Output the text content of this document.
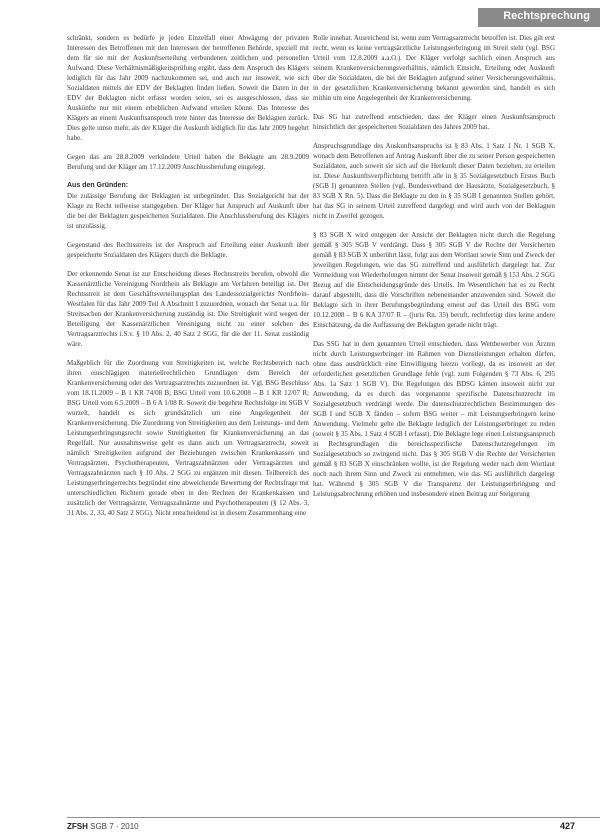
Rechtsprechung

schränkt, sondern es bedürfe je jeden Einzelfall einer Abwägung der privaten Interessen des Betroffenen mit den Interessen der betroffenen Behörde, speziell mit dem für sie mit der Auskunftserteilung verbundenen zeitlichen und personellen Aufwand. Diese Verhältnismäßigkeitsprüfung ergibt, dass dem Anspruch des Klägers lediglich für das Jahr 2009 nachzukommen sei, und auch nur insoweit, wie sich Sozialdaten mittels der EDV der Beklagten finden ließen. Soweit die Daten in der EDV der Beklagten nicht erfasst worden seien, sei es ausgeschlossen, dass sie Auskünfte nur mit einem erheblichen Aufwand erteilen könne. Das Interesse des Klägers an einem Auskunftsanspruch trete hinter das Interesse der Beklagten zurück. Dies gelte umso mehr, als der Kläger die Auskunft lediglich für das Jahr 2009 begehrt habe.

Gegen das am 28.8.2009 verkündete Urteil haben die Beklagte am 28.9.2009 Berufung und der Kläger am 17.12.2009 Anschlussberufung eingelegt.

Aus den Gründen:

Die zulässige Berufung der Beklagten ist unbegründet. Das Sozialgericht hat der Klage zu Recht teilweise stattgegeben. Der Kläger hat Anspruch auf Auskunft über die bei der Beklagten gespeicherten Sozialdaten. Die Anschlussberufung des Klägers ist unzulässig.

Gegenstand des Rechtsstreits ist der Anspruch auf Erteilung einer Auskunft über gespeicherte Sozialdaten des Klägers durch die Beklagte.

Der erkennende Senat ist zur Entscheidung dieses Rechtsstreits berufen, obwohl die Kassenärztliche Vereinigung Nordrhein als Beklagte am Verfahren beteiligt ist. Der Rechtsstreit ist dem Geschäftsverteilungsplan des Landessozialgerichts Nordrhein-Westfalen für das Jahr 2009 Teil A Abschnitt I zuzuordnen, wonach der Senat u.a. für Streitsachen der Krankenversicherung zuständig ist. Die Streitigkeit wird wegen der Beteiligung der Kassenärztlichen Vereinigung nicht zu einer solchen des Vertragsarztrechts i.S.v. § 10 Abs. 2, 40 Satz 2 SGG, für die der 11. Senat zuständig wäre.

Maßgeblich für die Zuordnung von Streitigkeiten ist, welche Rechtsbereich nach ihren einschlägigen materiellrechtlichen Grundlagen dem Bereich der Krankenversicherung oder des Vertragsarztrechts zuzuordnen ist. Vgl. BSG Beschluss vom 18.11.2009 – B 1 KR 74/08 B; BSG Urteil vom 10.6.2008 – B 1 KR 12/07 R; BSG Urteil vom 6.5.2009 – B 6 A 1/08 R. Soweit die begehrte Rechtsfolge im SGB V wurzelt, handelt es sich grundsätzlich um eine Angelegenheit der Krankenversicherung. Die Zuordnung von Streitigkeiten aus dem Leistungs- und dem Leistungserbringungsrecht sowie Streitigkeiten für Krankenversicherung an das Regelfall. Nur ausnahmsweise geht es dann auch um Vertragsarztrecht, soweit nämlich Streitigkeiten aufgrund der Beziehungen zwischen Krankenkassen und Vertragsärzten, Psychotherapeuten, Vertragszahnärzten oder Vertragsärzten und Vertragszahnärzten nach § 10 Abs. 2 SGG zu ergänzen mit diesen. Teilbereich des Leistungserbringerrechts begründet eine abweichende Bewertung der Rechtsfrage mit unterschiedlichen Richtern gerade eben in den Rechten der Krankenkassen und zusätzlich der Vertragsärzte, Vertragszahnärzte und Psychotherapeuten (§ 12 Abs. 3, 31 Abs. 2, 33, 40 Satz 2 SGG). Nicht entscheidend ist in diesem Zusammenhang eine

Rolle innehat. Ausreichend ist, wenn zum Vertragsarztrecht betroffen ist. Dies gilt erst recht, wenn es keine vertragsärztliche Leistungserbringung im Streit steht (vgl. BSG Urteil vom 12.8.2009 a.a.O.). Der Kläger verfolgt sachlich einen Anspruch aus seinem Krankenversicherungsverhältnis, nämlich Einsicht, Erteilung oder Auskunft über die Sozialdaten, die bei der Beklagten aufgrund seiner Versicherungsverhältnis, in der gesetzlichen Krankenversicherung bekannt geworden sind, handelt es sich mithin um eine Angelegenheit der Krankenversicherung.

Das SG hat zutreffend entschieden, dass der Kläger einen Auskunftsanspruch hinsichtlich der gespeicherten Sozialdaten des Jahres 2009 hat.

Anspruchsgrundlage des Auskunftsanspruchs ist § 83 Abs. 1 Satz 1 Nr. 1 SGB X, wonach dem Betroffenen auf Antrag Auskunft über die zu seiner Person gespeicherten Sozialdaten, auch soweit sie sich auf die Herkunft dieser Daten beziehen, zu erteilen ist. Diese Auskunftsverpflichtung betrifft alle in § 35 Sozialgesetzbuch Erstes Buch (SGB I) genannten Stellen (vgl. Bundesverband der Hausärzte, Sozialgesetzbuch, § 83 SGB X Rn. 5). Dass die Beklagte zu den in § 35 SGB I genannten Stellen gehört, hat das SG in seinem Urteil zutreffend dargelegt und wird auch von der Beklagten nicht in Zweifel gezogen.

§ 83 SGB X wird entgegen der Ansicht der Beklagten nicht durch die Regelung gemäß § 305 SGB V verdrängt. Dass § 305 SGB V die Rechte der Versicherten gemäß § 83 SGB X unberührt lässt, folgt aus dem Wortlaut sowie Sinn und Zweck der jeweiligen Regelungen, wie das SG zutreffend und ausführlich dargelegt hat. Zur Vermeidung von Wiederholungen nimmt der Senat insoweit gemäß § 153 Abs. 2 SGG Bezug auf die Entscheidungsgründe des Urteils. Im Wesentlichen hat es zu Recht darauf abgestellt, dass die Vorschriften nebeneinander anzuwenden sind. Soweit die Beklagte sich in ihrer Berufungsbegründung erneut auf das Urteil des BSG vom 10.12.2008 – B 6 KA 37/07 R – (juris Rn. 35) beruft, rechtfertigt dies keine andere Einschätzung, da die Auffassung der Beklagten gerade nicht trägt.

Das SSG hat in dem genannten Urteil entschieden, dass Wettbewerber von Ärzten nicht durch Leistungserbringer im Rahmen von Dienstleistungen erhalten dürfen, ohne dass ausdrücklich eine Einwilligung hierzu vorliegt, da es insoweit an der erforderlichen gesetzlichen Grundlage fehle (vgl. zum Folgenden § 73 Abs. 6, 295 Abs. 1a Satz 1 SGB V). Die Regelungen des BDSG kämen insoweit nicht zur Anwendung, da es durch das vorgenannte spezifische Datenschutzrecht im Sozialgesetzbuch verdrängt werde. Die datenschutzrechtlichen Bestimmungen des SGB I und SGB X fänden – sofern BSG weiter – mit Leistungserbringern keine Anwendung. Vielmehr gelte die Beklagte lediglich der Leistungserbringer zu reden (soweit § 35 Abs. 1 Satz 4 SGB I erfasst). Die Beklagte lege einen Leistungsanspruch in Rechtsgrundlagen die bereichsspezifische Datenschutzregelungen im Sozialgesetzbuch so zwingend nicht. Das § 305 SGB V die Rechte der Versicherten gemäß § 83 SGB X einschränken wollte, ist der Regelung weder nach dem Wortlaut noch nach ihrem Sinn und Zweck zu entnehmen, wie das SG ausführlich dargelegt hat. Während § 305 SGB V die Transparenz der Leistungserbringung und Leistungsabrechnung erhöhen und insbesondere einen Beitrag zur Steigerung

ZFSH SGB 7 · 2010	427
